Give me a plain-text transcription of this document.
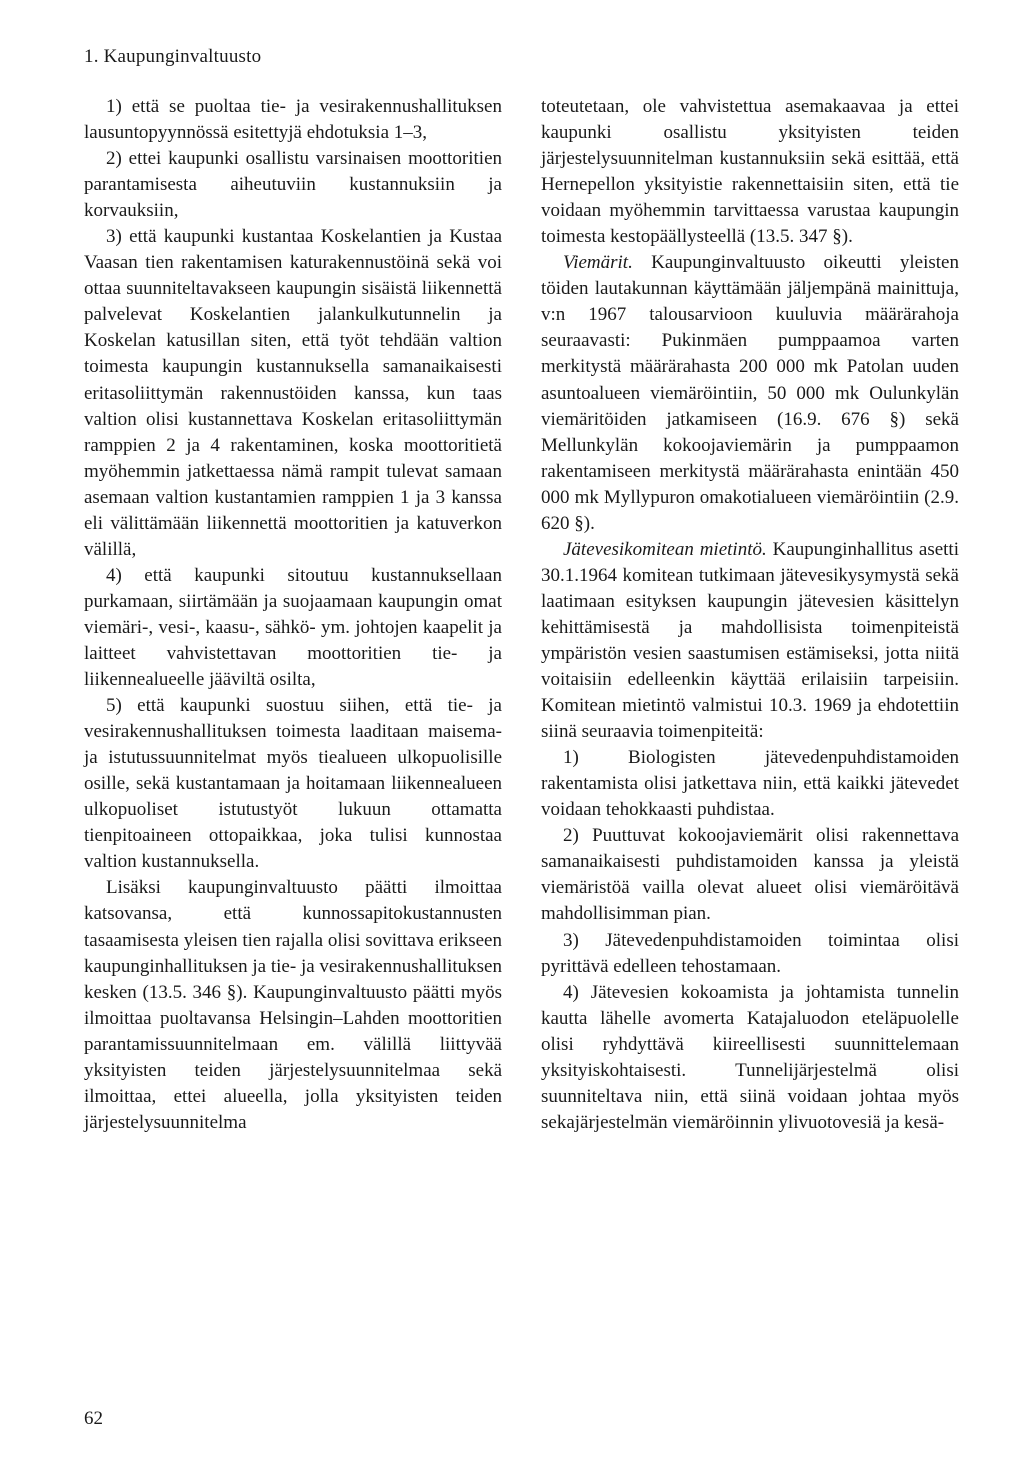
1. Kaupunginvaltuusto

1) että se puoltaa tie- ja vesirakennushallituksen lausuntopyynnössä esitettyjä ehdotuksia 1–3,

2) ettei kaupunki osallistu varsinaisen moottoritien parantamisesta aiheutuviin kustannuksiin ja korvauksiin,

3) että kaupunki kustantaa Koskelantien ja Kustaa Vaasan tien rakentamisen katurakennustöinä sekä voi ottaa suunniteltavakseen kaupungin sisäistä liikennettä palvelevat Koskelantien jalankulkutunnelin ja Koskelan katusillan siten, että työt tehdään valtion toimesta kaupungin kustannuksella samanaikaisesti eritasoliittymän rakennustöiden kanssa, kun taas valtion olisi kustannettava Koskelan eritasoliittymän ramppien 2 ja 4 rakentaminen, koska moottoritietä myöhemmin jatkettaessa nämä rampit tulevat samaan asemaan valtion kustantamien ramppien 1 ja 3 kanssa eli välittämään liikennettä moottoritien ja katuverkon välillä,

4) että kaupunki sitoutuu kustannuksellaan purkamaan, siirtämään ja suojaamaan kaupungin omat viemäri-, vesi-, kaasu-, sähkö- ym. johtojen kaapelit ja laitteet vahvistettavan moottoritien tie- ja liikennealueelle jääviltä osilta,

5) että kaupunki suostuu siihen, että tie- ja vesirakennushallituksen toimesta laaditaan maisema- ja istutussuunnitelmat myös tiealueen ulkopuolisille osille, sekä kustantamaan ja hoitamaan liikennealueen ulkopuoliset istutustyöt lukuun ottamatta tienpitoaineen ottopaikkaa, joka tulisi kunnostaa valtion kustannuksella.

Lisäksi kaupunginvaltuusto päätti ilmoittaa katsovansa, että kunnossapitokustannusten tasaamisesta yleisen tien rajalla olisi sovittava erikseen kaupunginhallituksen ja tie- ja vesirakennushallituksen kesken (13.5. 346 §). Kaupunginvaltuusto päätti myös ilmoittaa puoltavansa Helsingin–Lahden moottoritien parantamissuunnitelmaan em. välillä liittyvää yksityisten teiden järjestelysuunnitelmaa sekä ilmoittaa, ettei alueella, jolla yksityisten teiden järjestelysuunnitelma

toteutetaan, ole vahvistettua asemakaavaa ja ettei kaupunki osallistu yksityisten teiden järjestelysuunnitelman kustannuksiin sekä esittää, että Hernepellon yksityistie rakennettaisiin siten, että tie voidaan myöhemmin tarvittaessa varustaa kaupungin toimesta kestopäällysteellä (13.5. 347 §).

Viemärit. Kaupunginvaltuusto oikeutti yleisten töiden lautakunnan käyttämään jäljempänä mainittuja, v:n 1967 talousarvioon kuuluvia määrärahoja seuraavasti: Pukinmäen pumppaamoa varten merkitystä määrärahasta 200 000 mk Patolan uuden asuntoalueen viemäröintiin, 50 000 mk Oulunkylän viemäritöiden jatkamiseen (16.9. 676 §) sekä Mellunkylän kokoojaviemärin ja pumppaamon rakentamiseen merkitystä määrärahasta enintään 450 000 mk Myllypuron omakotialueen viemäröintiin (2.9. 620 §).

Jätevesikomitean mietintö. Kaupunginhallitus asetti 30.1.1964 komitean tutkimaan jätevesikysymystä sekä laatimaan esityksen kaupungin jätevesien käsittelyn kehittämisestä ja mahdollisista toimenpiteistä ympäristön vesien saastumisen estämiseksi, jotta niitä voitaisiin edelleenkin käyttää erilaisiin tarpeisiin. Komitean mietintö valmistui 10.3. 1969 ja ehdotettiin siinä seuraavia toimenpiteitä:

1) Biologisten jätevedenpuhdistamoiden rakentamista olisi jatkettava niin, että kaikki jätevedet voidaan tehokkaasti puhdistaa.

2) Puuttuvat kokoojaviemärit olisi rakennettava samanaikaisesti puhdistamoiden kanssa ja yleistä viemäristöä vailla olevat alueet olisi viemäröitävä mahdollisimman pian.

3) Jätevedenpuhdistamoiden toimintaa olisi pyrittävä edelleen tehostamaan.

4) Jätevesien kokoamista ja johtamista tunnelin kautta lähelle avomerta Katajaluodon eteläpuolelle olisi ryhdyttävä kiireellisesti suunnittelemaan yksityiskohtaisesti. Tunnelijärjestelmä olisi suunniteltava niin, että siinä voidaan johtaa myös sekajärjestelmän viemäröinnin ylivuotovesiä ja kesä-

62
